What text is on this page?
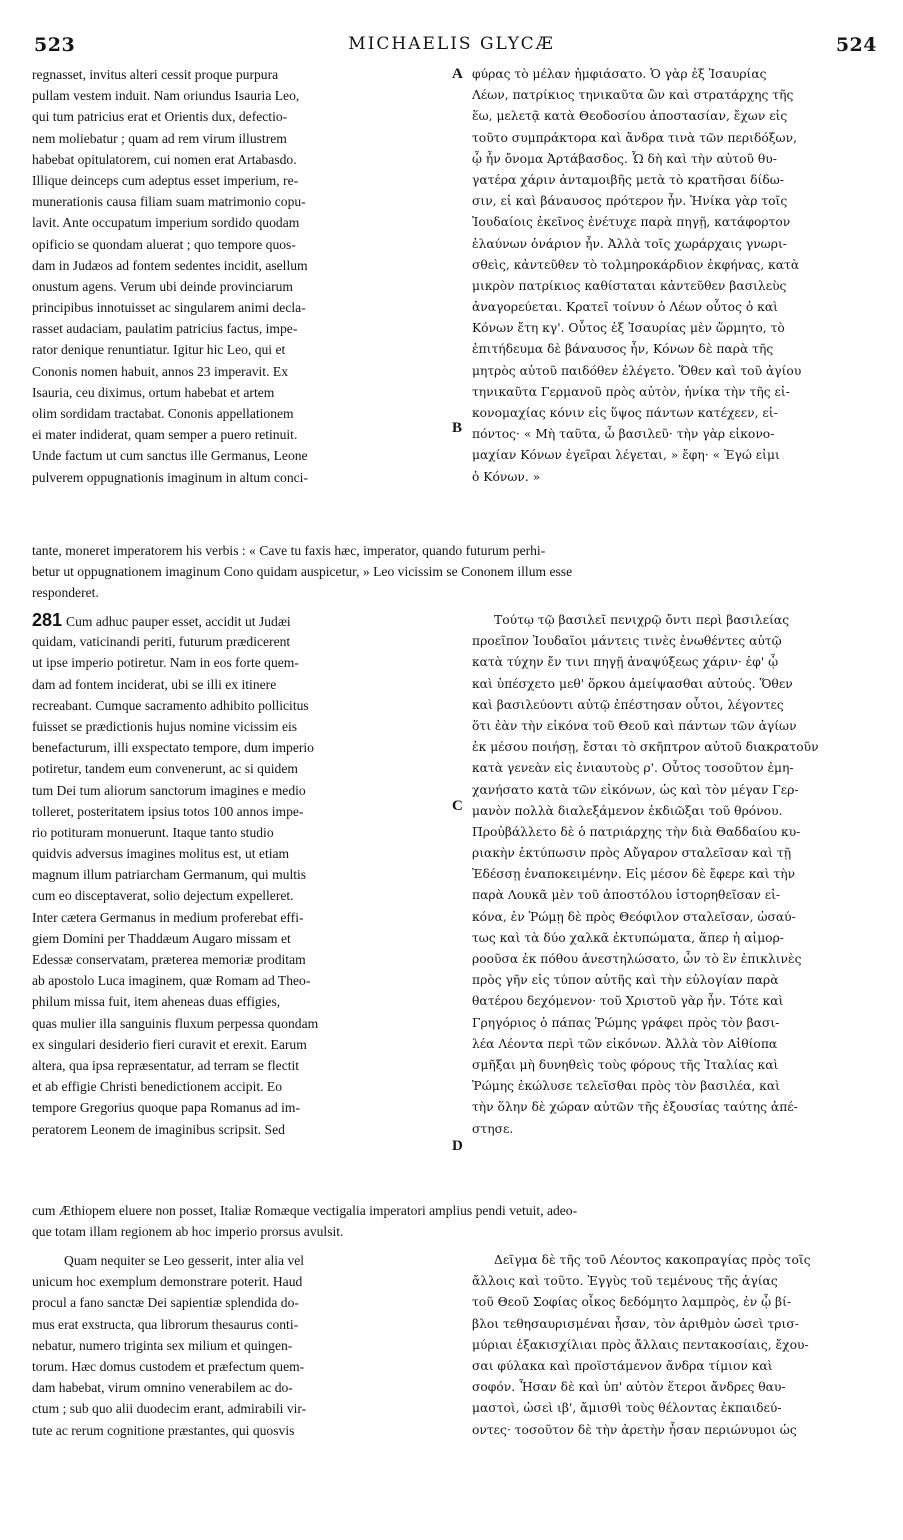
523	MICHAELIS GLYCÆ	524
A
B
C
D
regnasset, invitus alteri cessit proque purpura
pullam vestem induit. Nam oriundus Isauria Leo,
qui tum patricius erat et Orientis dux, defectio-
nem moliebatur ; quam ad rem virum illustrem
habebat opitulatorem, cui nomen erat Artabasdo.
Illique deinceps cum adeptus esset imperium, re-
munerationis causa filiam suam matrimonio copu-
lavit. Ante occupatum imperium sordido quodam
opificio se quondam aluerat ; quo tempore quos-
dam in Judæos ad fontem sedentes incidit, asellum
onustum agens. Verum ubi deinde provinciarum
principibus innotuisset ac singularem animi decla-
rasset audaciam, paulatim patricius factus, impe-
rator denique renuntiatur. Igitur hic Leo, qui et
Cononis nomen habuit, annos 23 imperavit. Ex
Isauria, ceu diximus, ortum habebat et artem
olim sordidam tractabat. Cononis appellationem
ei mater indiderat, quam semper a puero retinuit.
Unde factum ut cum sanctus ille Germanus, Leone
pulverem oppugnationis imaginum in altum conci-
φύρας τὸ μέλαν ἠμφιάσατο. Ὁ γὰρ ἐξ Ἰσαυρίας
Λέων, πατρίκιος τηνικαῦτα ὢν καὶ στρατάρχης τῆς
ἕω, μελετᾷ κατὰ Θεοδοσίου ἀποστασίαν, ἔχων εἰς
τοῦτο συμπράκτορα καὶ ἄνδρα τινὰ τῶν περιδόξων,
ᾧ ἦν ὄνομα Ἀρτάβασδος. Ὧ δὴ καὶ τὴν αὐτοῦ θυ-
γατέρα χάριν ἀνταμοιβῆς μετὰ τὸ κρατῆσαι δίδω-
σιν, εἰ καὶ βάναυσος πρότερον ἦν. Ἡνίκα γὰρ τοῖς
Ἰουδαίοις ἐκεῖνος ἐνέτυχε παρὰ πηγῇ, κατάφορτον
ἐλαύνων ὀνάριον ἦν. Ἀλλὰ τοῖς χωράρχαις γνωρι-
σθεὶς, κἀντεῦθεν τὸ τολμηροκάρδιον ἐκφήνας, κατὰ
μικρὸν πατρίκιος καθίσταται κἀντεῦθεν βασιλεὺς
ἀναγορεύεται. Κρατεῖ τοίνυν ὁ Λέων οὗτος ὁ καὶ
Κόνων ἔτη κγ'. Οὗτος ἐξ Ἰσαυρίας μὲν ὥρμητο, τὸ
ἐπιτήδευμα δὲ βάναυσος ἦν, Κόνων δὲ παρὰ τῆς
μητρὸς αὐτοῦ παιδόθεν ἐλέγετο. Ὅθεν καὶ τοῦ ἁγίου
τηνικαῦτα Γερμανοῦ πρὸς αὐτὸν, ἡνίκα τὴν τῆς εἰ-
κονομαχίας κόνιν εἰς ὕψος πάντων κατέχεεν, εἰ-
πόντος· « Μὴ ταῦτα, ὦ βασιλεῦ· τὴν γὰρ εἰκονο-
μαχίαν Κόνων ἐγεῖραι λέγεται, » ἔφη· « Ἐγώ εἰμι
ὁ Κόνων. »
tante, moneret imperatorem his verbis : « Cave tu faxis hæc, imperator, quando futurum perhi-
betur ut oppugnationem imaginum Cono quidam auspicetur, » Leo vicissim se Cononem illum esse
responderet.
281 Cum adhuc pauper esset, accidit ut Judæi
quidam, vaticinandi periti, futurum prædicerent
ut ipse imperio potiretur. Nam in eos forte quem-
dam ad fontem inciderat, ubi se illi ex itinere
recreabant. Cumque sacramento adhibito pollicitus
fuisset se prædictionis hujus nomine vicissim eis
benefacturum, illi exspectato tempore, dum imperio
potiretur, tandem eum convenerunt, ac si quidem
tum Dei tum aliorum sanctorum imagines e medio
tolleret, posteritatem ipsius totos 100 annos impe-
rio potituram monuerunt. Itaque tanto studio
quidvis adversus imagines molitus est, ut etiam
magnum illum patriarcham Germanum, qui multis
cum eo disceptaverat, solio dejectum expelleret.
Inter cætera Germanus in medium proferebat effi-
giem Domini per Thaddæum Augaro missam et
Edessæ conservatam, præterea memoriæ proditam
ab apostolo Luca imaginem, quæ Romam ad Theo-
philum missa fuit, item aheneas duas effigies,
quas mulier illa sanguinis fluxum perpessa quondam
ex singulari desiderio fieri curavit et erexit. Earum
altera, qua ipsa repræsentatur, ad terram se flectit
et ab effigie Christi benedictionem accipit. Eo
tempore Gregorius quoque papa Romanus ad im-
peratorem Leonem de imaginibus scripsit. Sed
Τούτῳ τῷ βασιλεῖ πενιχρῷ ὄντι περὶ βασιλείας
προεῖπον Ἰουδαῖοι μάντεις τινὲς ἐνωθέντες αὐτῷ
κατὰ τύχην ἔν τινι πηγῇ ἀναψύξεως χάριν· ἐφ' ᾧ
καὶ ὑπέσχετο μεθ' ὅρκου ἀμείψασθαι αὐτούς. Ὅθεν
καὶ βασιλεύοντι αὐτῷ ἐπέστησαν οὗτοι, λέγοντες
ὅτι ἐὰν τὴν εἰκόνα τοῦ Θεοῦ καὶ πάντων τῶν ἁγίων
ἐκ μέσου ποιήσῃ, ἔσται τὸ σκῆπτρον αὐτοῦ διακρατοῦν
κατὰ γενεὰν εἰς ἐνιαυτοὺς ρ'. Οὗτος τοσοῦτον ἐμη-
χανήσατο κατὰ τῶν εἰκόνων, ὡς καὶ τὸν μέγαν Γερ-
μανὸν πολλὰ διαλεξάμενον ἐκδιῶξαι τοῦ θρόνου.
Προὐβάλλετο δὲ ὁ πατριάρχης τὴν διὰ Θαδδαίου κυ-
ριακὴν ἐκτύπωσιν πρὸς Αὔγαρον σταλεῖσαν καὶ τῇ
Ἐδέσσῃ ἐναποκειμένην. Εἰς μέσον δὲ ἔφερε καὶ τὴν
παρὰ Λουκᾶ μὲν τοῦ ἀποστόλου ἱστορηθεῖσαν εἰ-
κόνα, ἐν Ῥώμῃ δὲ πρὸς Θεόφιλον σταλεῖσαν, ὡσαύ-
τως καὶ τὰ δύο χαλκᾶ ἐκτυπώματα, ἅπερ ἡ αἱμορ-
ροοῦσα ἐκ πόθου ἀνεστηλώσατο, ὧν τὸ ἓν ἐπικλινὲς
πρὸς γῆν εἰς τύπον αὐτῆς καὶ τὴν εὐλογίαν παρὰ
θατέρου δεχόμενον· τοῦ Χριστοῦ γὰρ ἦν. Τότε καὶ
Γρηγόριος ὁ πάπας Ῥώμης γράφει πρὸς τὸν βασι-
λέα Λέοντα περὶ τῶν εἰκόνων. Ἀλλὰ τὸν Αἰθίοπα
σμῆξαι μὴ δυνηθεὶς τοὺς φόρους τῆς Ἰταλίας καὶ
Ῥώμης ἐκώλυσε τελεῖσθαι πρὸς τὸν βασιλέα, καὶ
τὴν ὅλην δὲ χώραν αὐτῶν τῆς ἐξουσίας ταύτης ἀπέ-
στησε.
cum Æthiopem eluere non posset, Italiæ Romæque vectigalia imperatori amplius pendi vetuit, adeo-
que totam illam regionem ab hoc imperio prorsus avulsit.
Quam nequiter se Leo gesserit, inter alia vel
unicum hoc exemplum demonstrare poterit. Haud
procul a fano sanctæ Dei sapientiæ splendida do-
mus erat exstructa, qua librorum thesaurus conti-
nebatur, numero triginta sex milium et quingen-
torum. Hæc domus custodem et præfectum quem-
dam habebat, virum omnino venerabilem ac do-
ctum ; sub quo alii duodecim erant, admirabili vir-
tute ac rerum cognitione præstantes, qui quosvis
Δεῖγμα δὲ τῆς τοῦ Λέοντος κακοπραγίας πρὸς τοῖς
ἄλλοις καὶ τοῦτο. Ἐγγὺς τοῦ τεμένους τῆς ἁγίας
τοῦ Θεοῦ Σοφίας οἶκος δεδόμητο λαμπρὸς, ἐν ᾧ βί-
βλοι τεθησαυρισμέναι ἦσαν, τὸν ἀριθμὸν ὡσεὶ τρισ-
μύριαι ἑξακισχίλιαι πρὸς ἄλλαις πεντακοσίαις, ἔχου-
σαι φύλακα καὶ προϊστάμενον ἄνδρα τίμιον καὶ
σοφόν. Ἦσαν δὲ καὶ ὑπ' αὐτὸν ἕτεροι ἄνδρες θαυ-
μαστοὶ, ὡσεὶ ιβ', ἄμισθὶ τοὺς θέλοντας ἐκπαιδεύ-
οντες· τοσοῦτον δὲ τὴν ἀρετὴν ἦσαν περιώνυμοι ὡς
